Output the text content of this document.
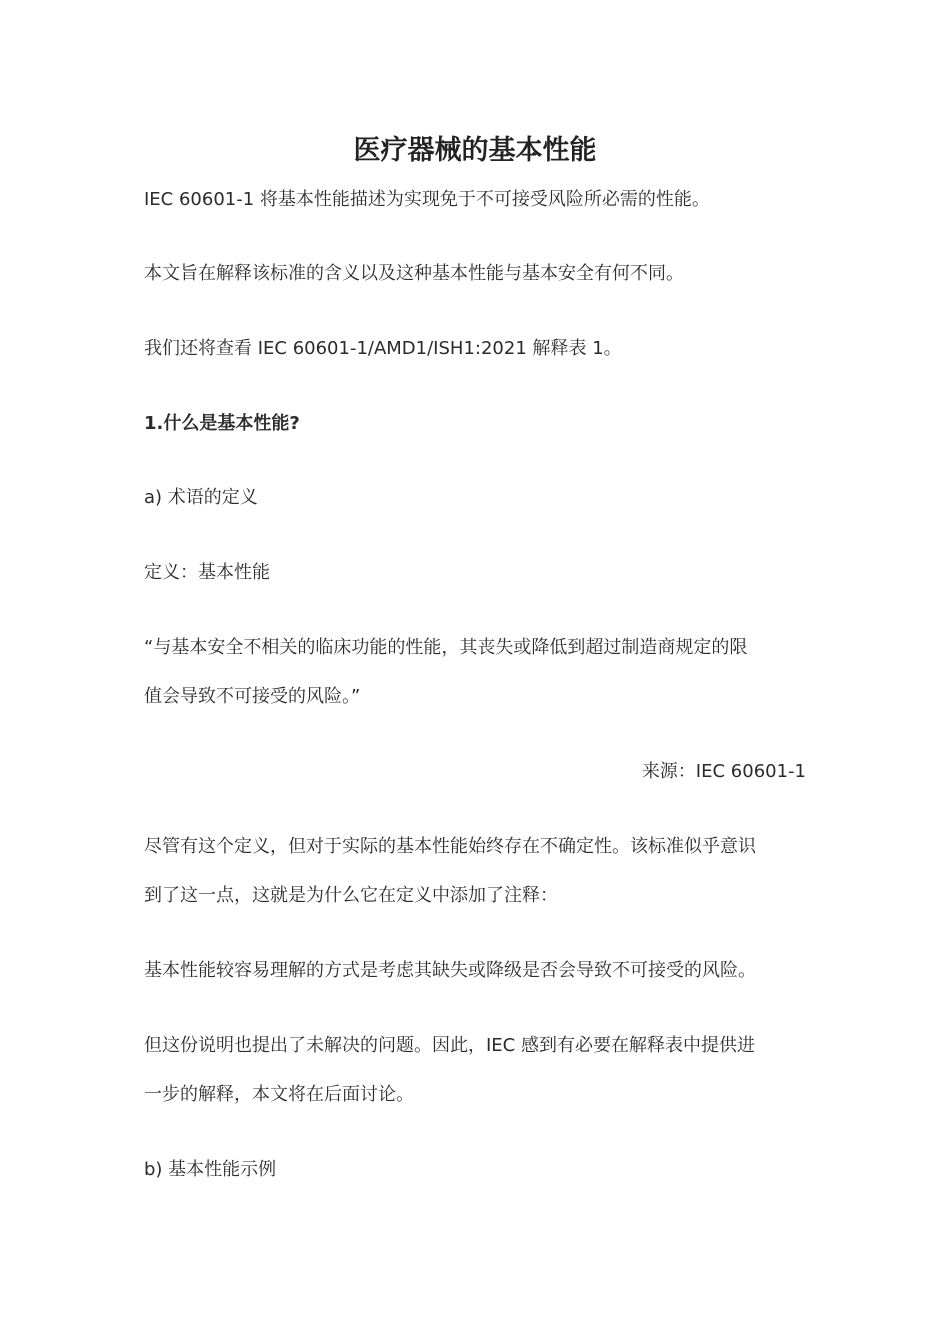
医疗器械的基本性能

IEC 60601-1 将基本性能描述为实现免于不可接受风险所必需的性能。

本文旨在解释该标准的含义以及这种基本性能与基本安全有何不同。

我们还将查看 IEC 60601-1/AMD1/ISH1:2021 解释表 1。

1.什么是基本性能?

a) 术语的定义

定义：基本性能

“与基本安全不相关的临床功能的性能，其丧失或降低到超过制造商规定的限

值会导致不可接受的风险。”

来源：IEC 60601-1

尽管有这个定义，但对于实际的基本性能始终存在不确定性。该标准似乎意识

到了这一点，这就是为什么它在定义中添加了注释：

基本性能较容易理解的方式是考虑其缺失或降级是否会导致不可接受的风险。

但这份说明也提出了未解决的问题。因此，IEC 感到有必要在解释表中提供进

一步的解释，本文将在后面讨论。

b) 基本性能示例
